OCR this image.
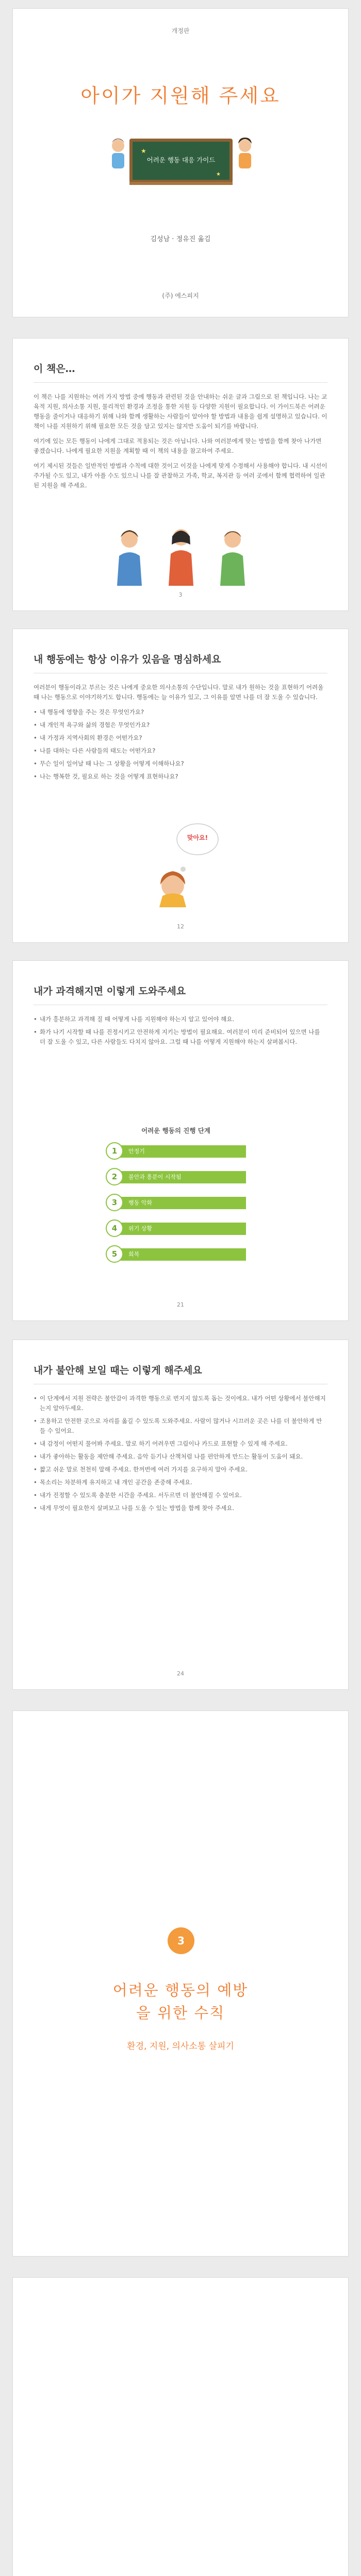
개정판
아이가 지원해 주세요
★
★
어려운 행동 대응 가이드
김성남 · 정유진 옮김
(주) 에스피지
이 책은…

이 책은 나를 지원하는 여러 가지 방법 중에 행동과 관련된 것을 안내하는 쉬운 글과 그림으로 된 책입니다. 나는 교육적 지원, 의사소통 지원, 물리적인 환경과 조정을 통한 지원 등 다양한 지원이 필요합니다. 이 가이드북은 어려운 행동을 줄이거나 대응하기 위해 나와 함께 생활하는 사람들이 알아야 할 방법과 내용을 쉽게 설명하고 있습니다. 이 책이 나를 지원하기 위해 필요한 모든 것을 담고 있지는 않지만 도움이 되기를 바랍니다.

여기에 있는 모든 행동이 나에게 그대로 적용되는 것은 아닙니다. 나와 여러분에게 맞는 방법을 함께 찾아 나가면 좋겠습니다. 나에게 필요한 지원을 계획할 때 이 책의 내용을 참고하여 주세요.

여기 제시된 것들은 일반적인 방법과 수칙에 대한 것이고 이것을 나에게 맞게 수정해서 사용해야 합니다. 내 시선이 주가될 수도 있고, 내가 아플 수도 있으니 나를 잘 관찰하고 가족, 학교, 복지관 등 여러 곳에서 함께 협력하여 일관된 지원을 해 주세요.

3
내 행동에는 항상 이유가 있음을 명심하세요

여러분이 행동이라고 부르는 것은 나에게 중요한 의사소통의 수단입니다. 말로 내가 원하는 것을 표현하기 어려울 때 나는 행동으로 이야기하기도 합니다. 행동에는 늘 이유가 있고, 그 이유를 알면 나를 더 잘 도울 수 있습니다.

• 내 행동에 영향을 주는 것은 무엇인가요?
• 내 개인적 욕구와 삶의 경험은 무엇인가요?
• 내 가정과 지역사회의 환경은 어떤가요?
• 나를 대하는 다른 사람들의 태도는 어떤가요?
• 무슨 일이 일어날 때 나는 그 상황을 어떻게 이해하나요?
• 나는 행복한 것, 필요로 하는 것을 어떻게 표현하나요?
맞아요!
12
내가 과격해지면 이렇게 도와주세요
• 내가 흥분하고 과격해 질 때 어떻게 나를 지원해야 하는지 알고 있어야 해요.
• 화가 나기 시작할 때 나를 진정시키고 안전하게 지키는 방법이 필요해요. 여러분이 미리 준비되어 있으면 나를 더 잘 도울 수 있고, 다른 사람들도 다치지 않아요. 그럴 때 나를 어떻게 지원해야 하는지 살펴봅시다.
어려운 행동의 진행 단계
1	안정기
2	불안과 흥분이 시작됨
3	행동 악화
4	위기 상황
5	회복
21
내가 불안해 보일 때는 이렇게 해주세요
• 이 단계에서 지원 전략은 불안감이 과격한 행동으로 번지지 않도록 돕는 것이에요. 내가 어떤 상황에서 불안해지는지 알아두세요.
• 조용하고 안전한 곳으로 자리를 옮길 수 있도록 도와주세요. 사람이 많거나 시끄러운 곳은 나를 더 불안하게 만들 수 있어요.
• 내 감정이 어떤지 물어봐 주세요. 말로 하기 어려우면 그림이나 카드로 표현할 수 있게 해 주세요.
• 내가 좋아하는 활동을 제안해 주세요. 음악 듣기나 산책처럼 나를 편안하게 만드는 활동이 도움이 돼요.
• 짧고 쉬운 말로 천천히 말해 주세요. 한꺼번에 여러 가지를 요구하지 말아 주세요.
• 목소리는 차분하게 유지하고 내 개인 공간을 존중해 주세요.
• 내가 진정할 수 있도록 충분한 시간을 주세요. 서두르면 더 불안해질 수 있어요.
• 내게 무엇이 필요한지 살펴보고 나를 도울 수 있는 방법을 함께 찾아 주세요.
24
3
어려운 행동의 예방을 위한 수칙
환경, 지원, 의사소통 살피기
